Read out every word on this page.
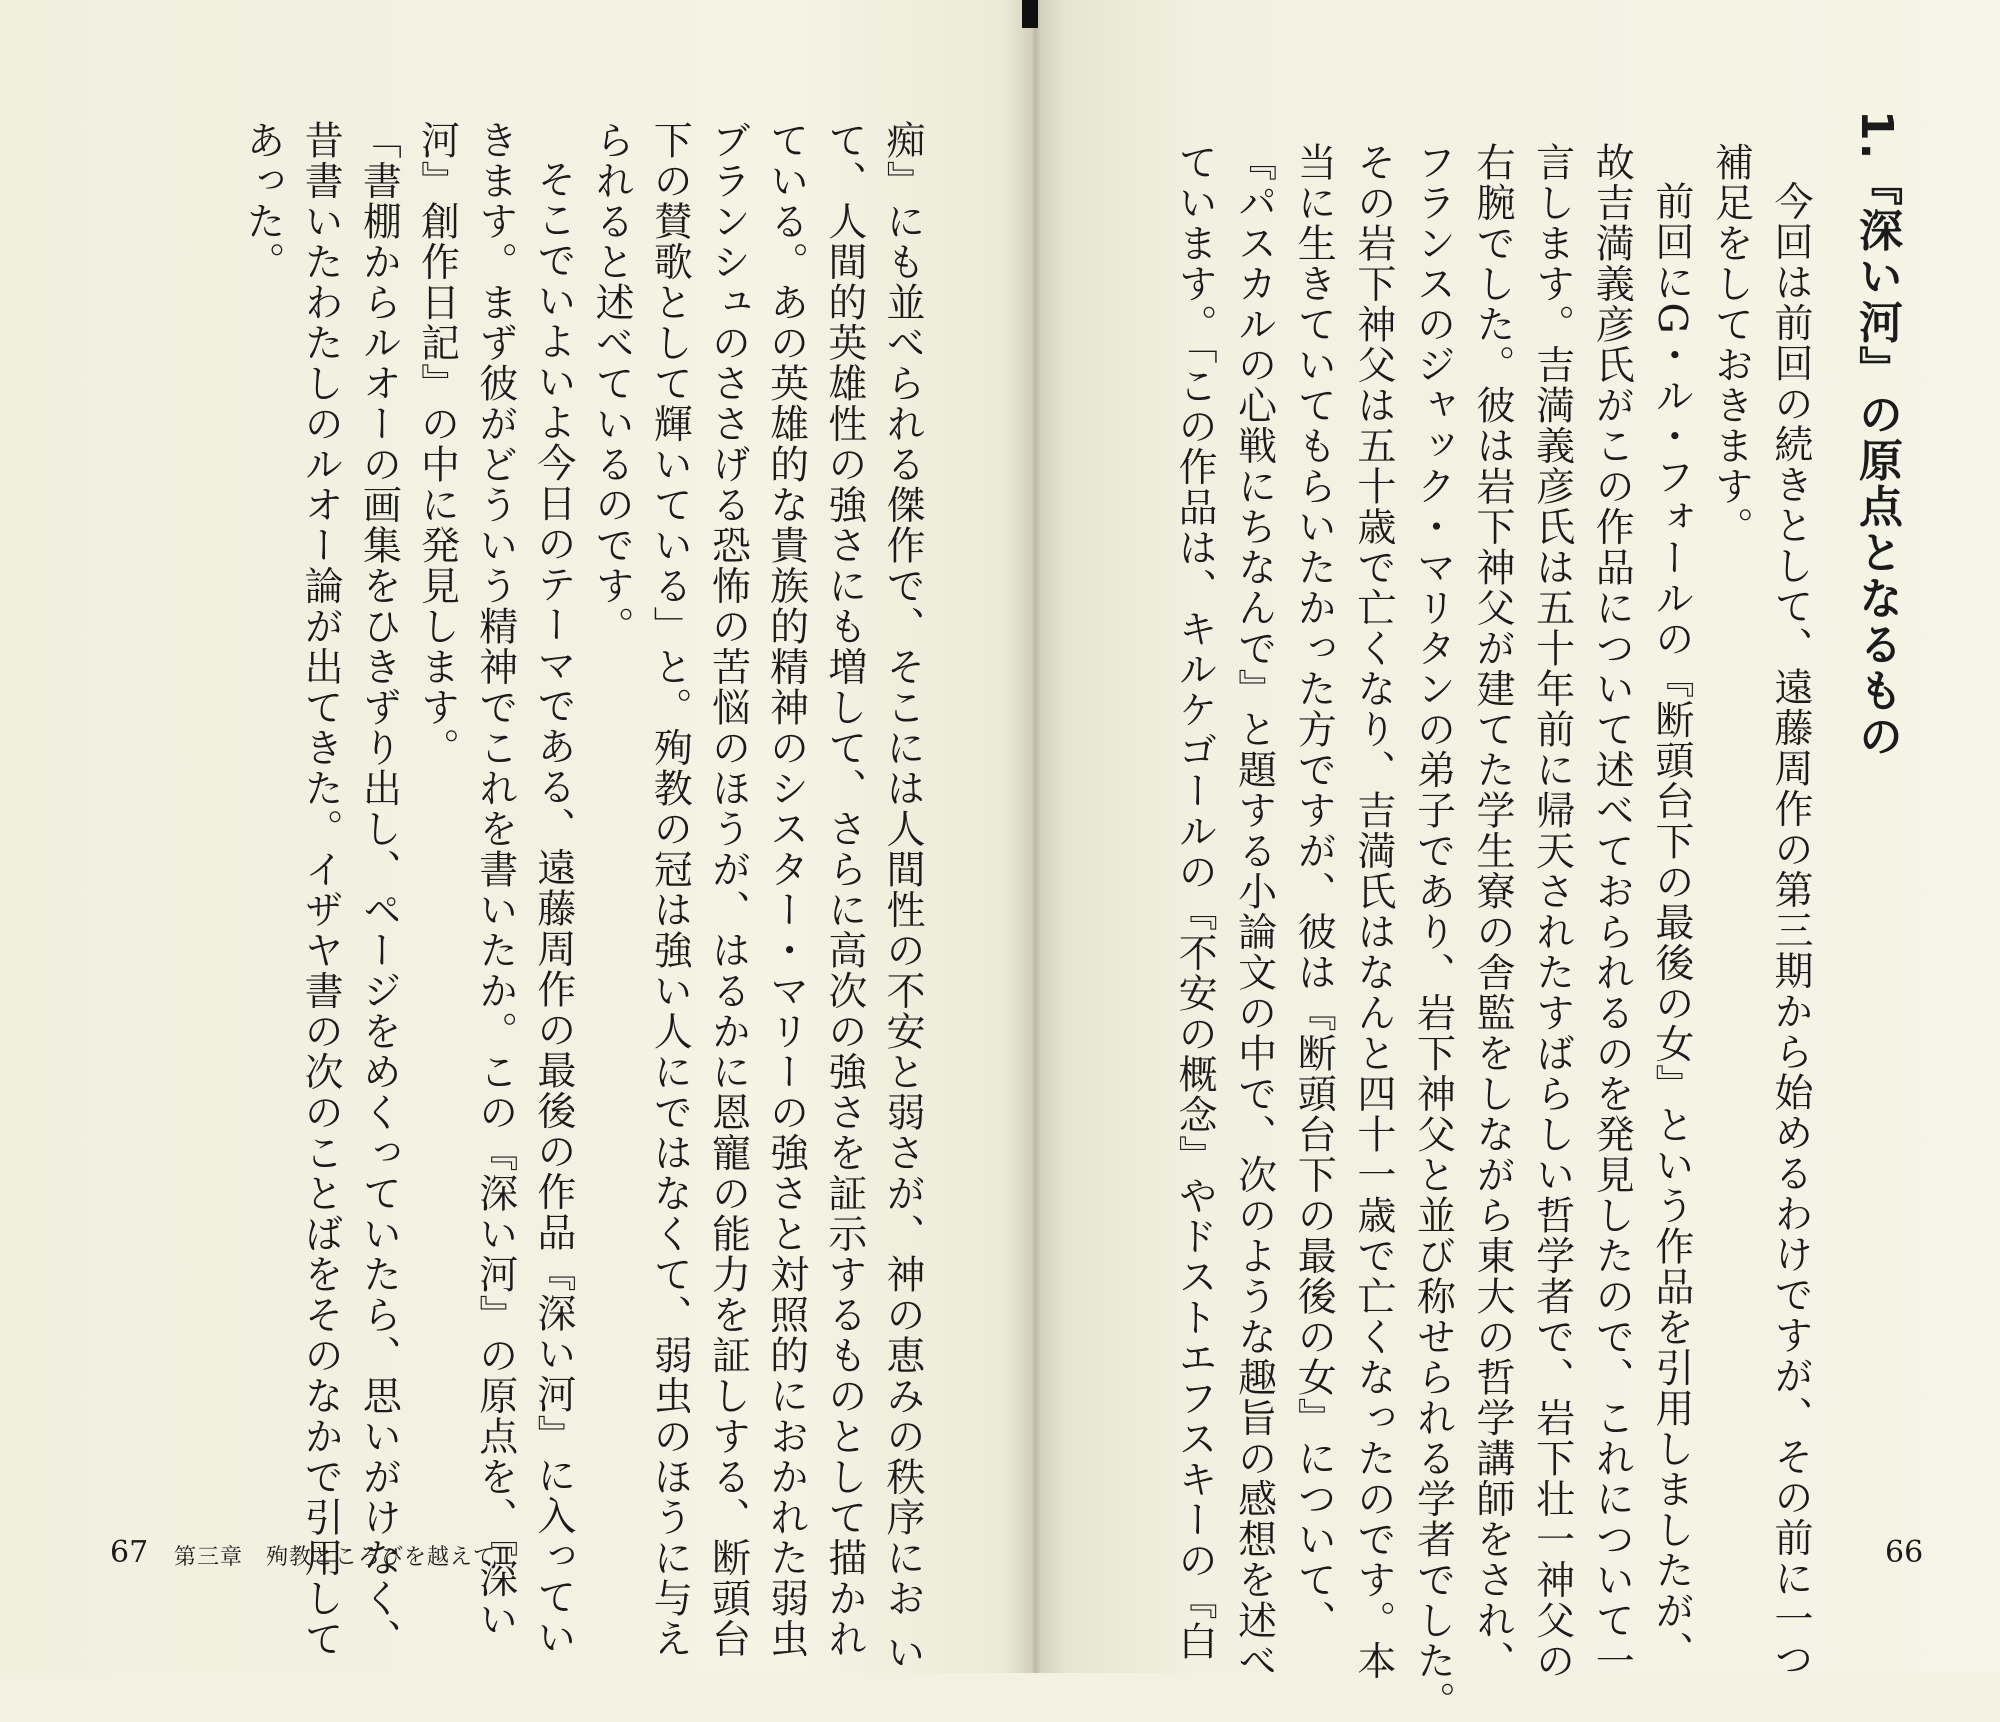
1.『深い河』の原点となるもの
今回は前回の続きとして、遠藤周作の第三期から始めるわけですが、その前に一つ
補足をしておきます。
前回にG・ル・フォールの『断頭台下の最後の女』という作品を引用しましたが、
故吉満義彦氏がこの作品について述べておられるのを発見したので、これについて一
言します。吉満義彦氏は五十年前に帰天されたすばらしい哲学者で、岩下壮一神父の
右腕でした。彼は岩下神父が建てた学生寮の舎監をしながら東大の哲学講師をされ、
フランスのジャック・マリタンの弟子であり、岩下神父と並び称せられる学者でした。
その岩下神父は五十歳で亡くなり、吉満氏はなんと四十一歳で亡くなったのです。本
当に生きていてもらいたかった方ですが、彼は『断頭台下の最後の女』について、
『パスカルの心戦にちなんで』と題する小論文の中で、次のような趣旨の感想を述べ
ています。「この作品は、キルケゴールの『不安の概念』やドストエフスキーの『白	66
痴』にも並べられる傑作で、そこには人間性の不安と弱さが、神の恵みの秩序にお い
て、人間的英雄性の強さにも増して、さらに高次の強さを証示するものとして描かれ
ている。あの英雄的な貴族的精神のシスター・マリーの強さと対照的におかれた弱虫
ブランシュのささげる恐怖の苦悩のほうが、はるかに恩寵の能力を証しする、断頭台
下の賛歌として輝いている」と。殉教の冠は強い人にではなくて、弱虫のほうに与え
られると述べているのです。
そこでいよいよ今日のテーマである、遠藤周作の最後の作品『深い河』に入ってい
きます。まず彼がどういう精神でこれを書いたか。この『深い河』の原点を、『深い
河』創作日記』の中に発見します。
「書棚からルオーの画集をひきずり出し、ページをめくっていたら、思いがけなく、
昔書いたわたしのルオー論が出てきた。イザヤ書の次のことばをそのなかで引用して
あった。
67 第三章　殉教ところびを越えてⅡ
